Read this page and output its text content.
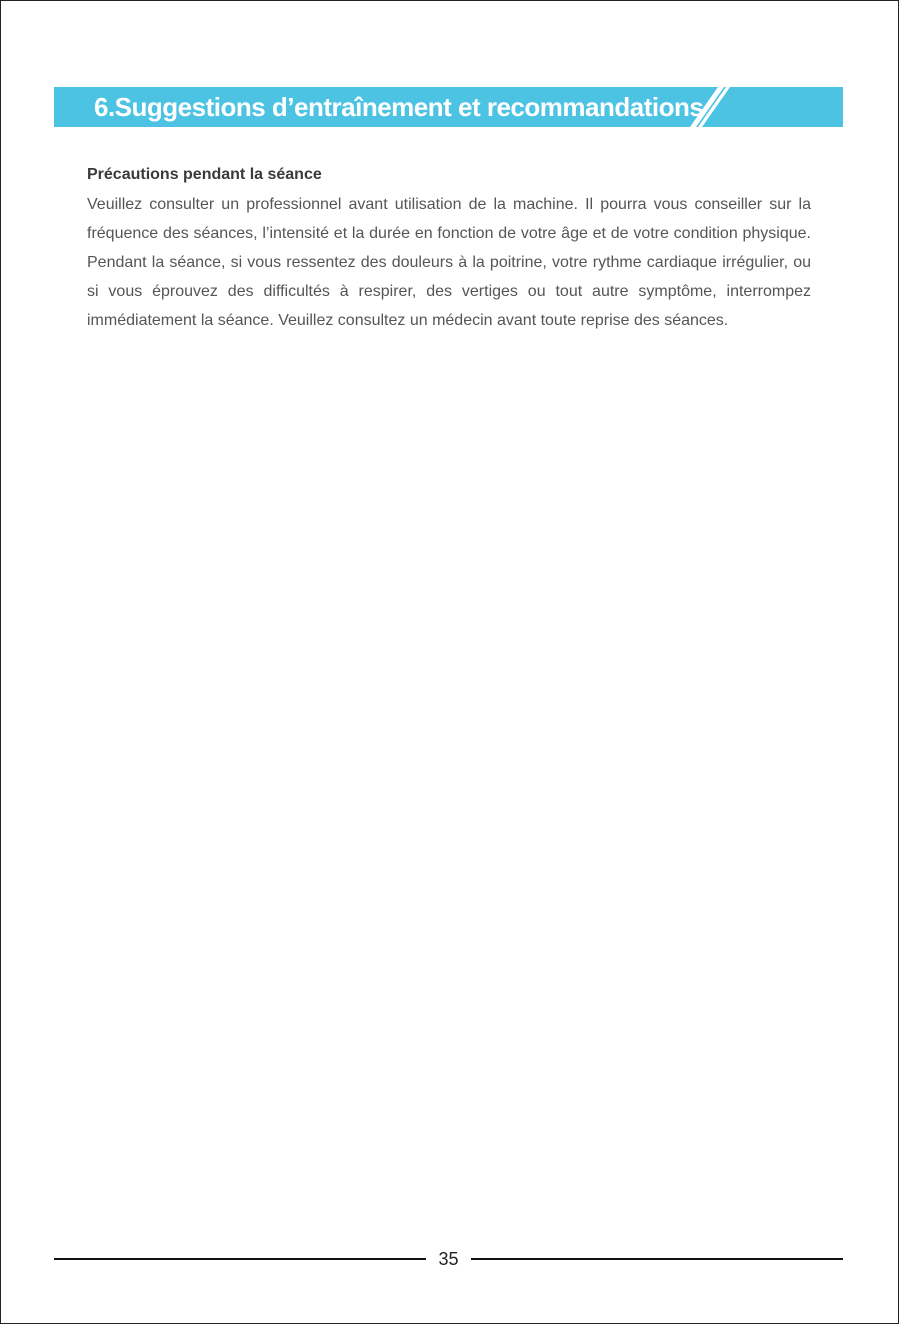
6.Suggestions d’entraînement et recommandations
Précautions pendant la séance

Veuillez consulter un professionnel avant utilisation de la machine. Il pourra vous conseiller sur la fréquence des séances, l’intensité et la durée en fonction de votre âge et de votre condition physique. Pendant la séance, si vous ressentez des douleurs à la poitrine, votre rythme cardiaque irrégulier, ou si vous éprouvez des difficultés à respirer, des vertiges ou tout autre symptôme, interrompez immédiatement la séance. Veuillez consultez un médecin avant toute reprise des séances.

35
